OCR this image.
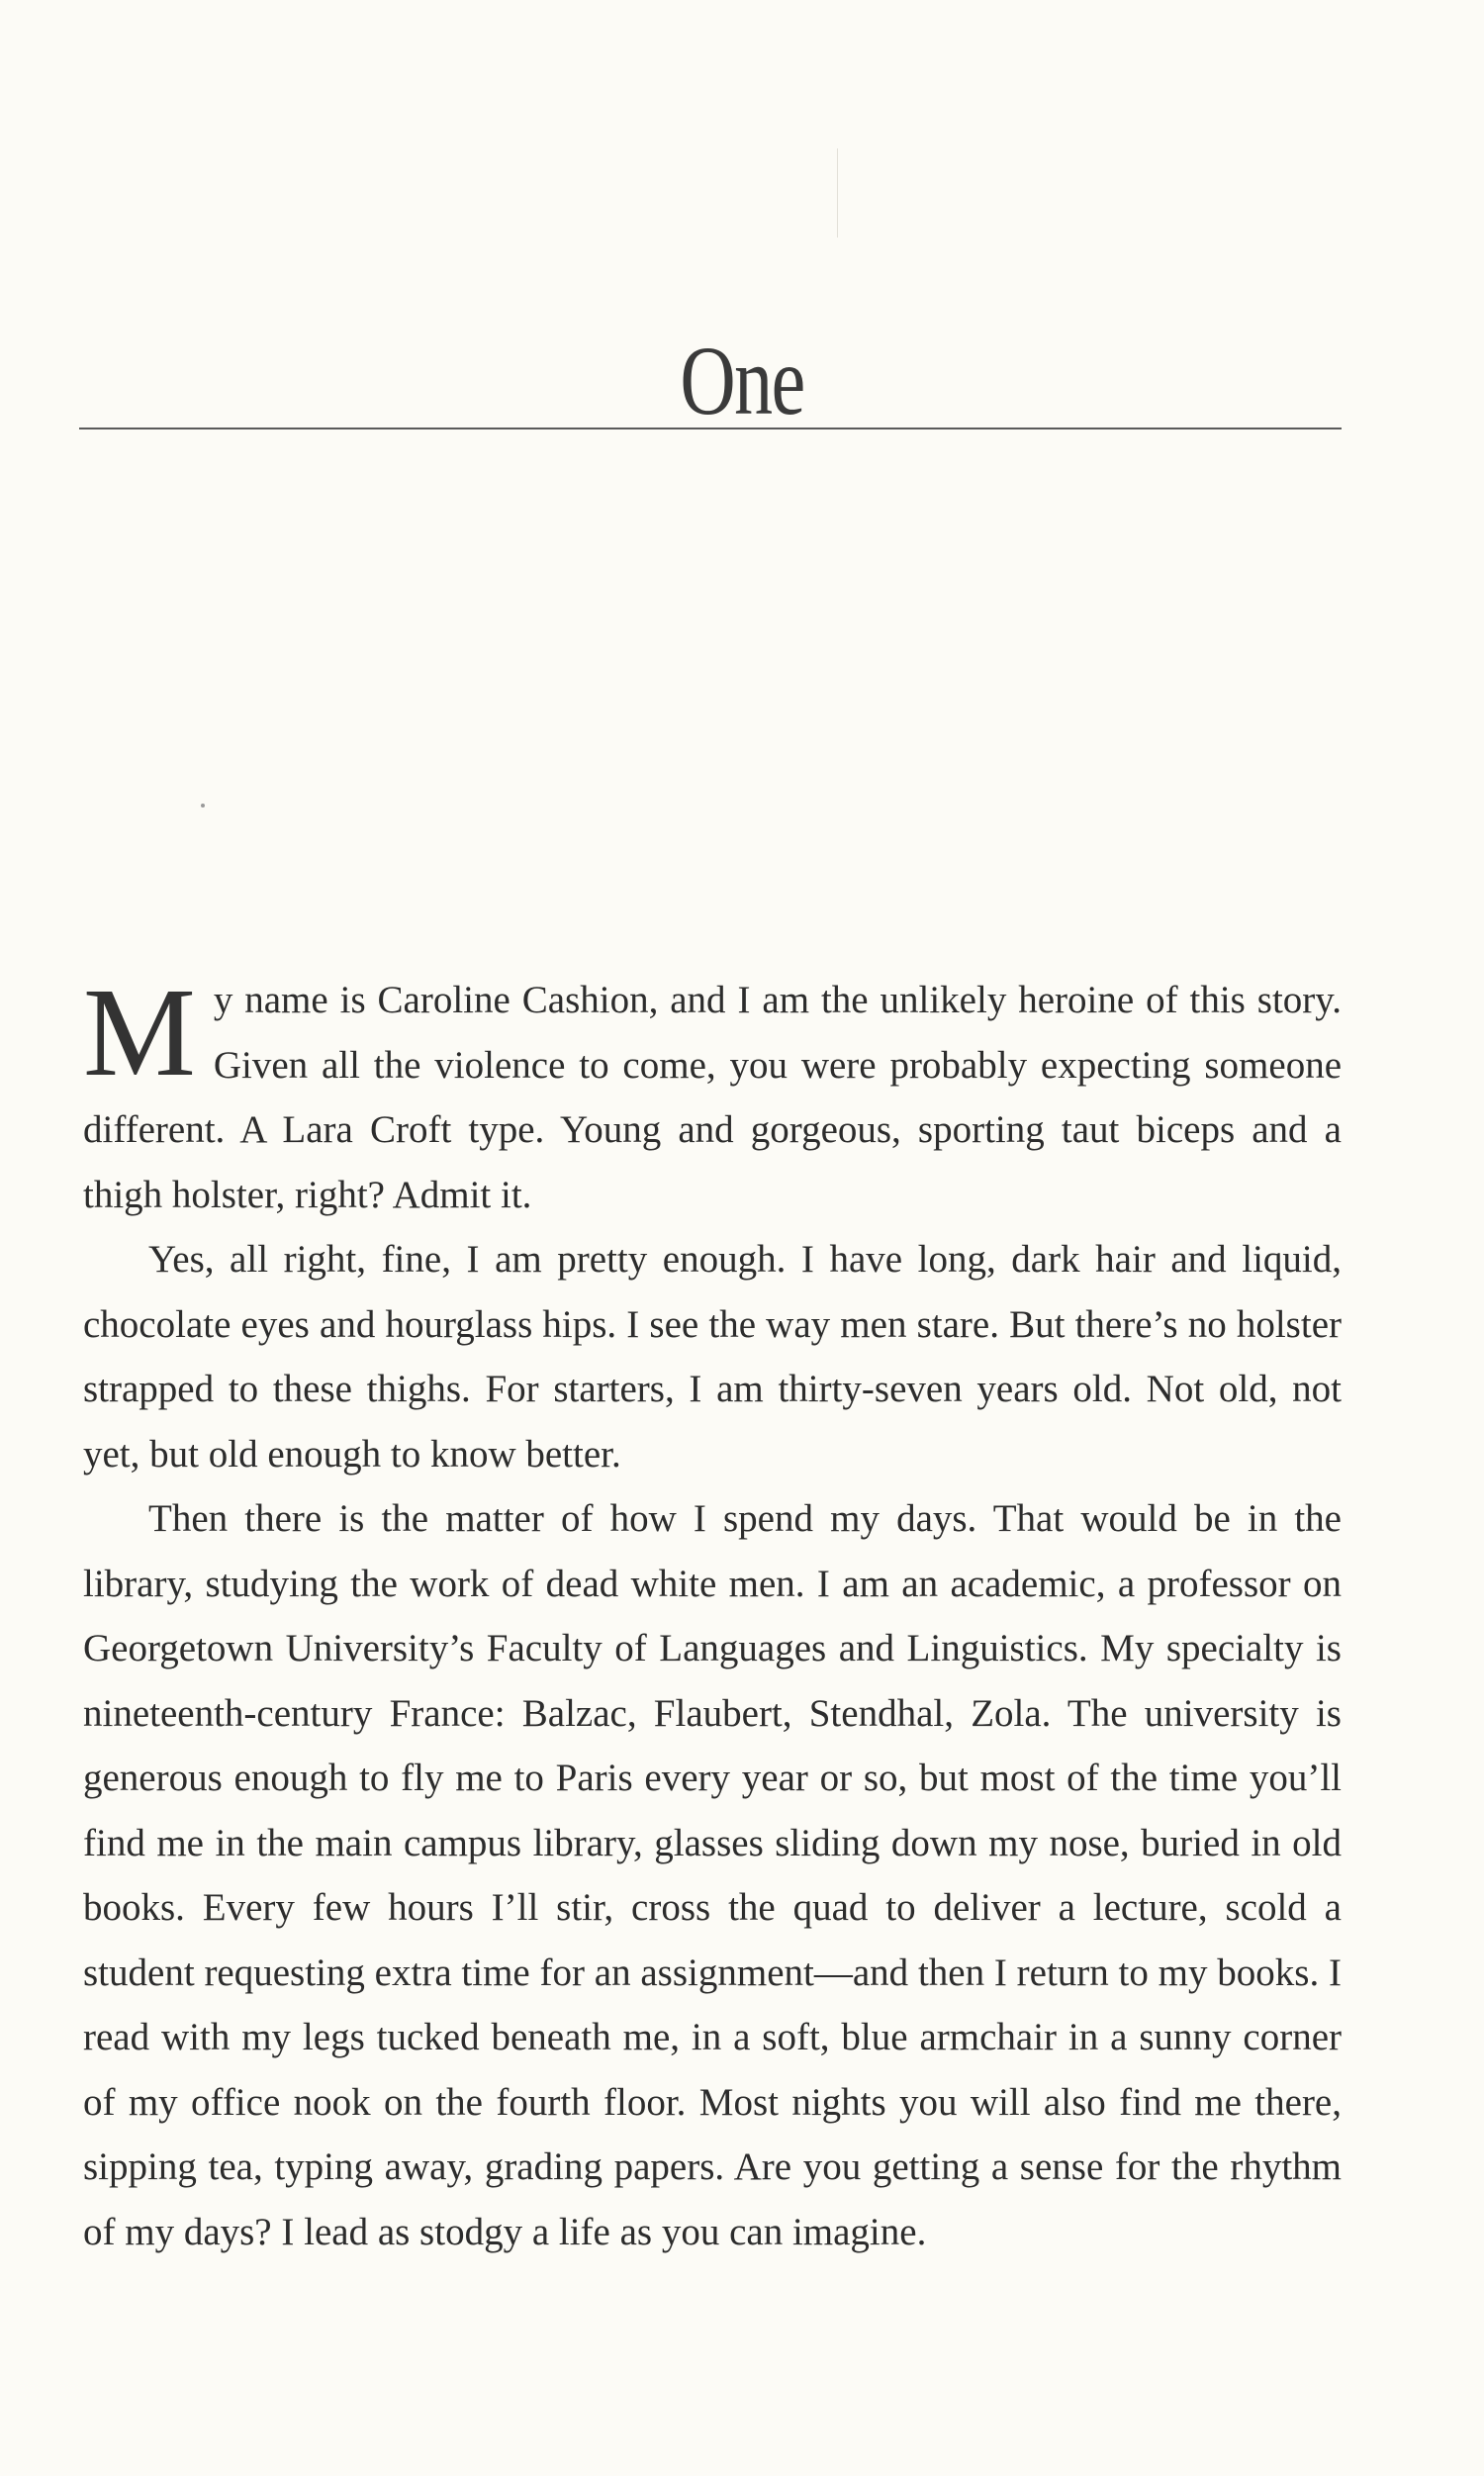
One

My name is Caroline Cashion, and I am the unlikely heroine of this story. Given all the violence to come, you were probably expecting someone different. A Lara Croft type. Young and gorgeous, sporting taut biceps and a thigh holster, right? Admit it.

Yes, all right, fine, I am pretty enough. I have long, dark hair and liquid, chocolate eyes and hourglass hips. I see the way men stare. But there’s no holster strapped to these thighs. For starters, I am thirty-seven years old. Not old, not yet, but old enough to know better.

Then there is the matter of how I spend my days. That would be in the library, studying the work of dead white men. I am an academic, a professor on Georgetown University’s Faculty of Languages and Linguistics. My specialty is nineteenth-century France: Balzac, Flaubert, Stendhal, Zola. The university is generous enough to fly me to Paris every year or so, but most of the time you’ll find me in the main campus library, glasses sliding down my nose, buried in old books. Every few hours I’ll stir, cross the quad to deliver a lecture, scold a student requesting extra time for an assignment—and then I return to my books. I read with my legs tucked beneath me, in a soft, blue armchair in a sunny corner of my office nook on the fourth floor. Most nights you will also find me there, sipping tea, typing away, grading papers. Are you getting a sense for the rhythm of my days? I lead as stodgy a life as you can imagine.
